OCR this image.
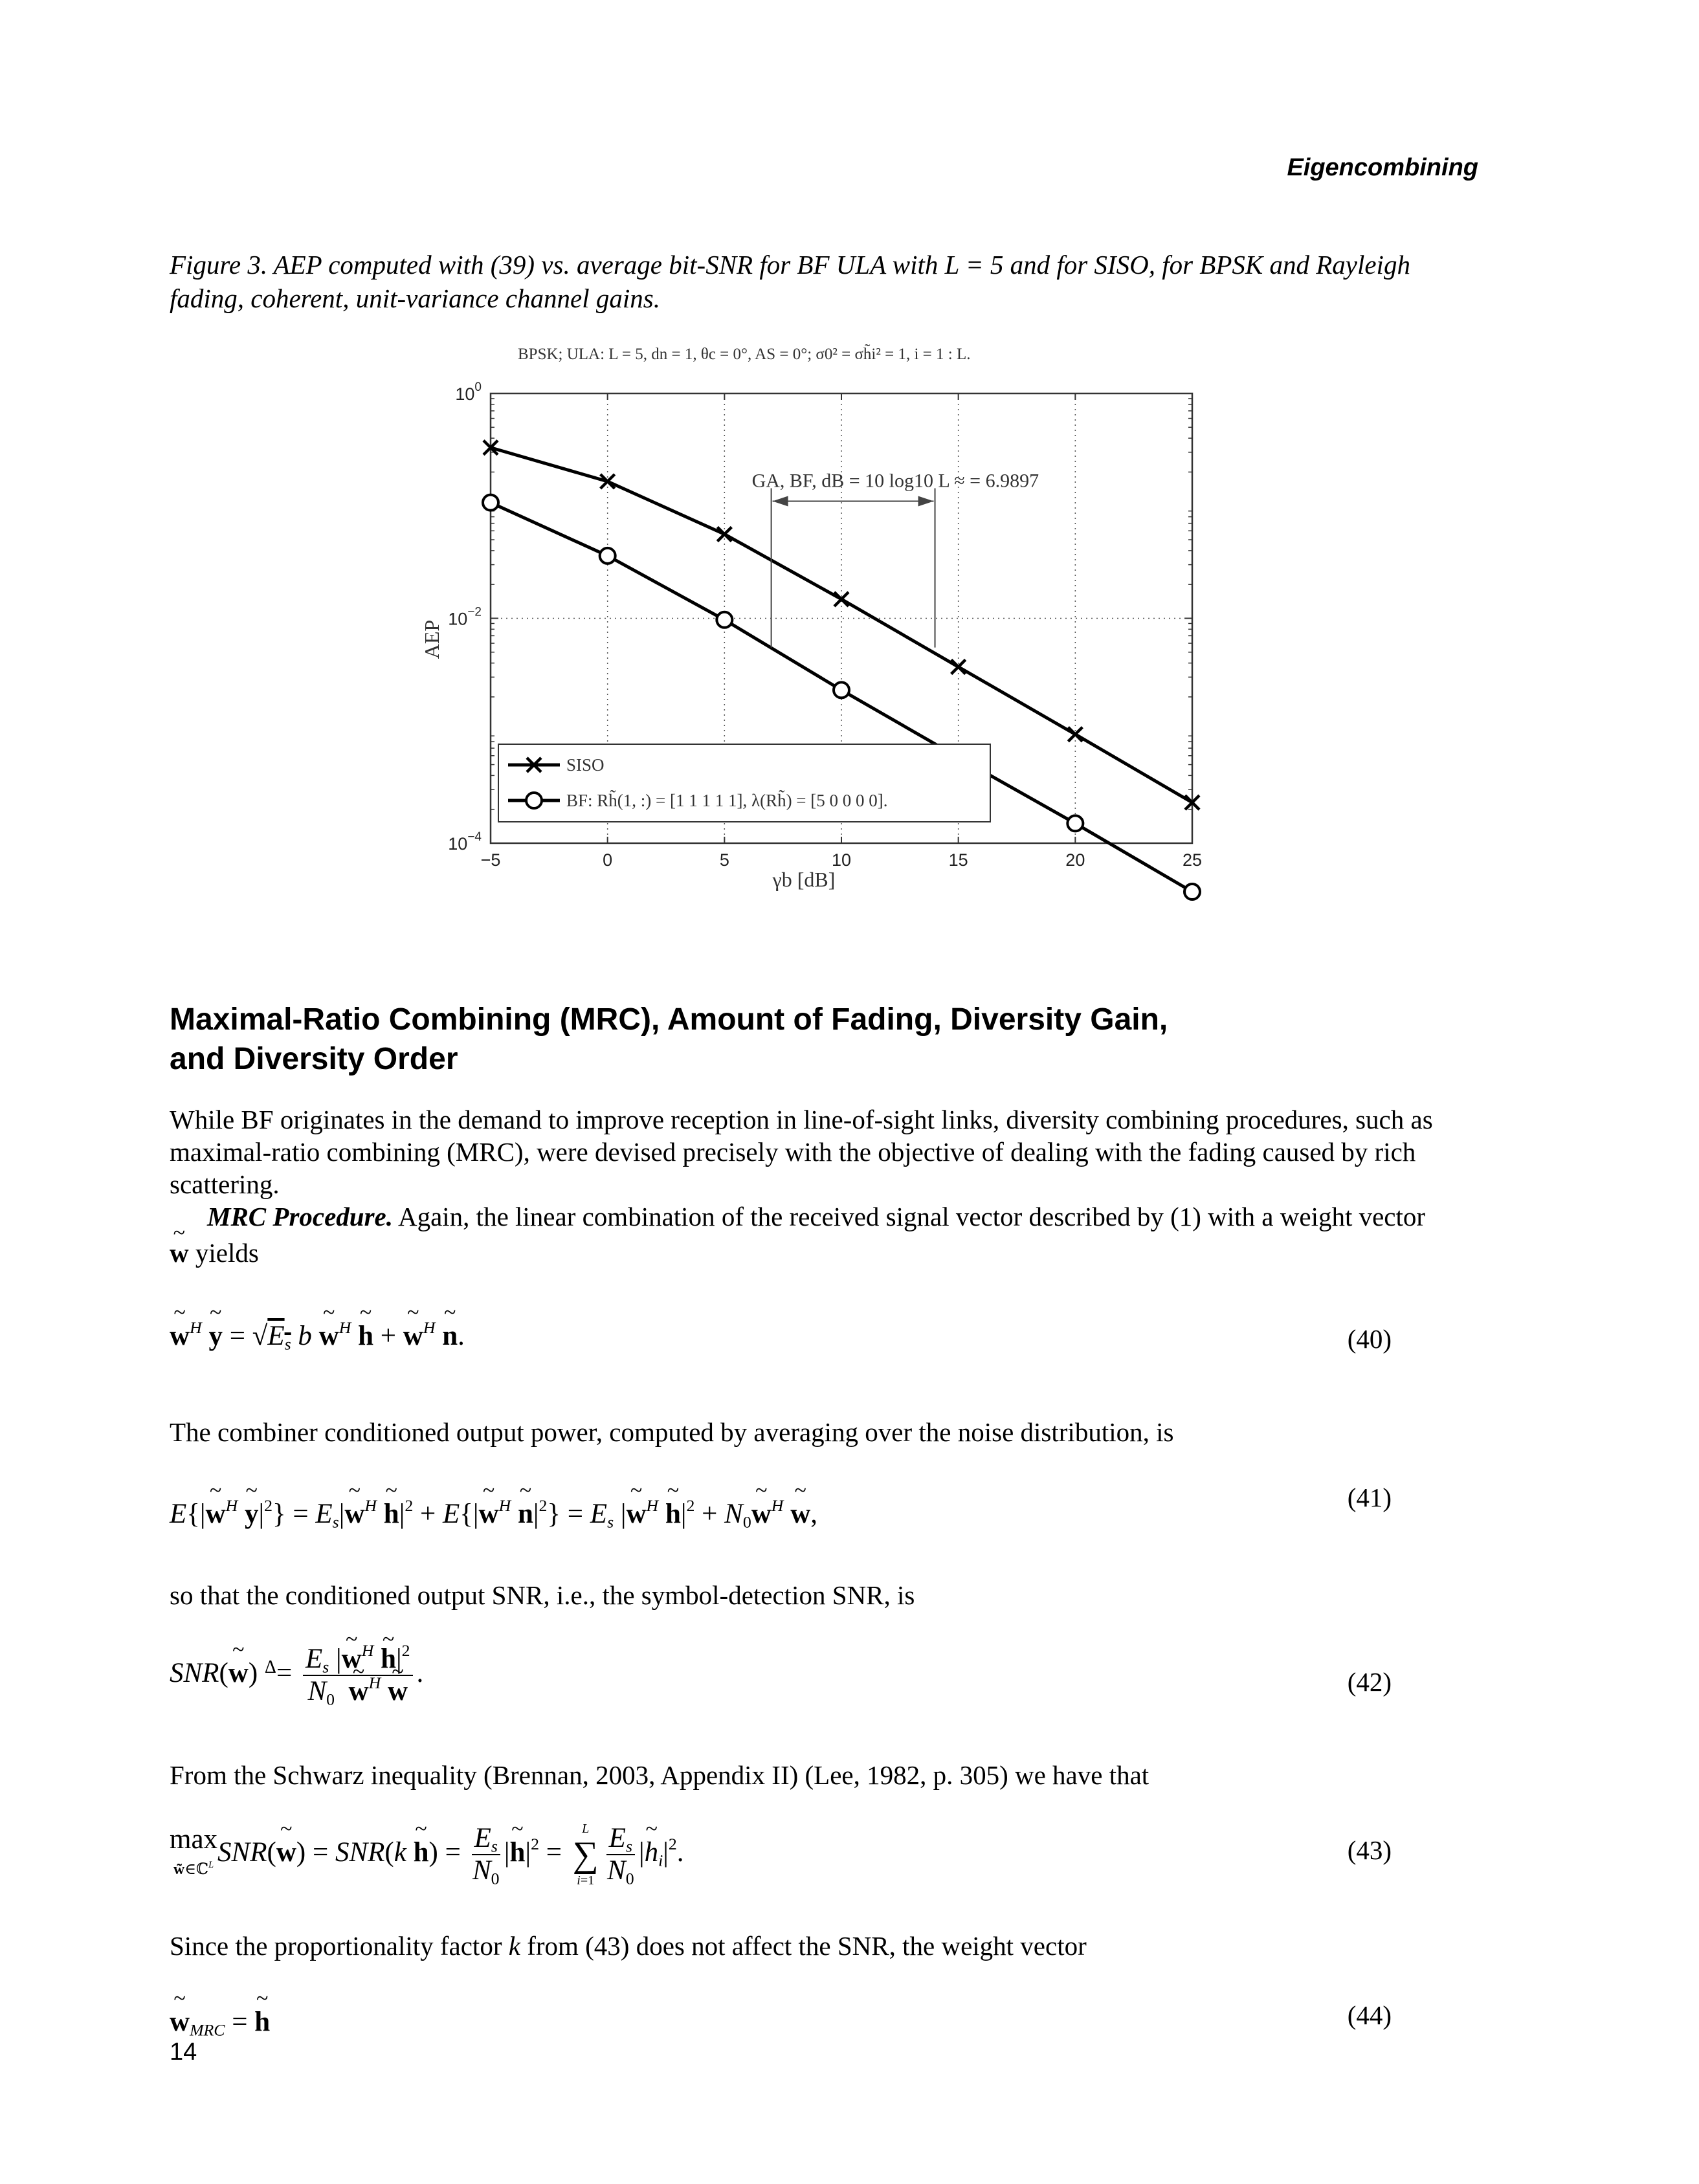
Eigencombining
Figure 3. AEP computed with (39) vs. average bit-SNR for BF ULA with L = 5 and for SISO, for BPSK and Rayleigh fading, coherent, unit-variance channel gains.
BPSK; ULA: L = 5, dn = 1, θc = 0°, AS = 0°; σ0² = σh̃i² = 1, i = 1 : L.
AEP
γb [dB]
−5	0	5	10	15	20	25
$10^0$
$10^{-2}$
$10^{-4}$
GA, BF, dB = 10 log10 L ≈ = 6.9897
SISO
BF: Rh̃(1, :) = [1 1 1 1 1], λ(Rh̃) = [5 0 0 0 0].
Maximal-Ratio Combining (MRC), Amount of Fading, Diversity Gain,
and Diversity Order
While BF originates in the demand to improve reception in line-of-sight links, diversity combining procedures, such as maximal-ratio combining (MRC), were devised precisely with the objective of dealing with the fading caused by rich scattering.
MRC Procedure. Again, the linear combination of the received signal vector described by (1) with a weight vector
~ w yields
~ $w^H$ ~ $y = √E_s$ b ~ $w^H$ ~ h + ~ $w^H$ ~ n.	(40)
The combiner conditioned output power, computed by averaging over the noise distribution, is
E{|~ $w^H$ ~ $y|^2$} = $E_s|\sim$ $w^H$ ~ $h|^2$ + E{|~ $w^H$ ~ $n|^2\} = E_s$ |~ $w^H$ ~ $h|^2$ + $N_0\sim$ $w^H$ ~ w,
(41)
so that the conditioned output SNR, i.e., the symbol-detection SNR, is
SNR(~ w) $^\Delta= \frac{E_s |\sim w^H \sim h|^2}{N_0 \sim w^H \sim w}$ .	(42)
From the Schwarz inequality (Brennan, 2003, Appendix II) (Lee, 1982, p. 305) we have that
max
w̃∈ℂ$^L$ SNR(~ w) = SNR(k ~ $h) = \frac{E_s}{N_0}$ |~ $h|^2 = L$
∑
$i=1 \frac{E_s}{N_0}$ |~ $h_i|^2$.	(43)
Since the proportionality factor k from (43) does not affect the SNR, the weight vector
~ $w_{MRC}$ = ~ h	(44)
14
